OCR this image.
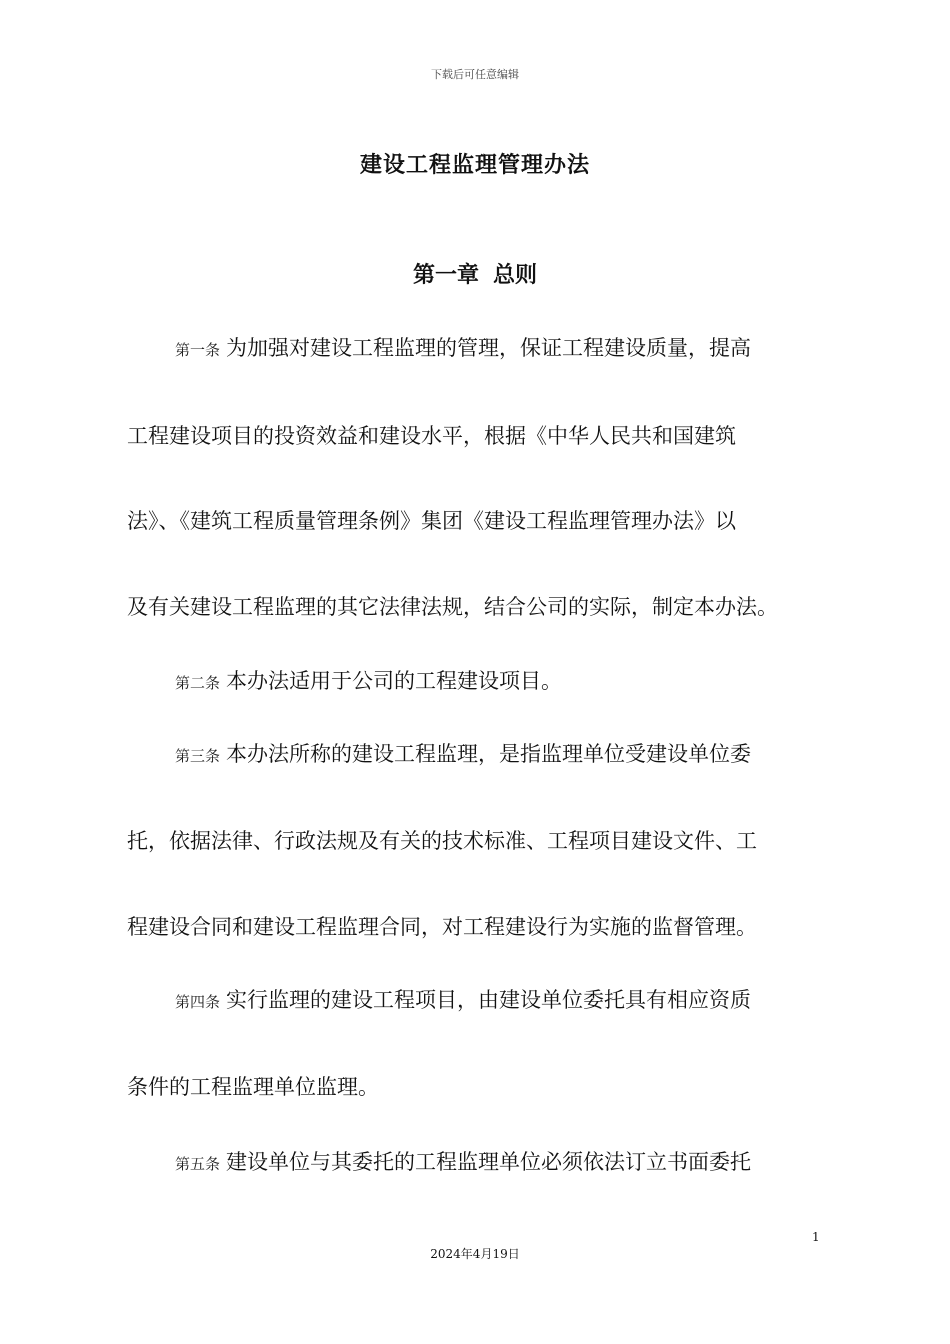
下载后可任意编辑
建设工程监理管理办法
第一章 总则
第一条 为加强对建设工程监理的管理，保证工程建设质量，提高
工程建设项目的投资效益和建设水平，根据《中华人民共和国建筑
法》、《建筑工程质量管理条例》集团《建设工程监理管理办法》以
及有关建设工程监理的其它法律法规，结合公司的实际，制定本办法。
第二条 本办法适用于公司的工程建设项目。
第三条 本办法所称的建设工程监理，是指监理单位受建设单位委
托，依据法律、行政法规及有关的技术标准、工程项目建设文件、工
程建设合同和建设工程监理合同，对工程建设行为实施的监督管理。
第四条 实行监理的建设工程项目，由建设单位委托具有相应资质
条件的工程监理单位监理。
第五条 建设单位与其委托的工程监理单位必须依法订立书面委托
1
2024年4月19日
